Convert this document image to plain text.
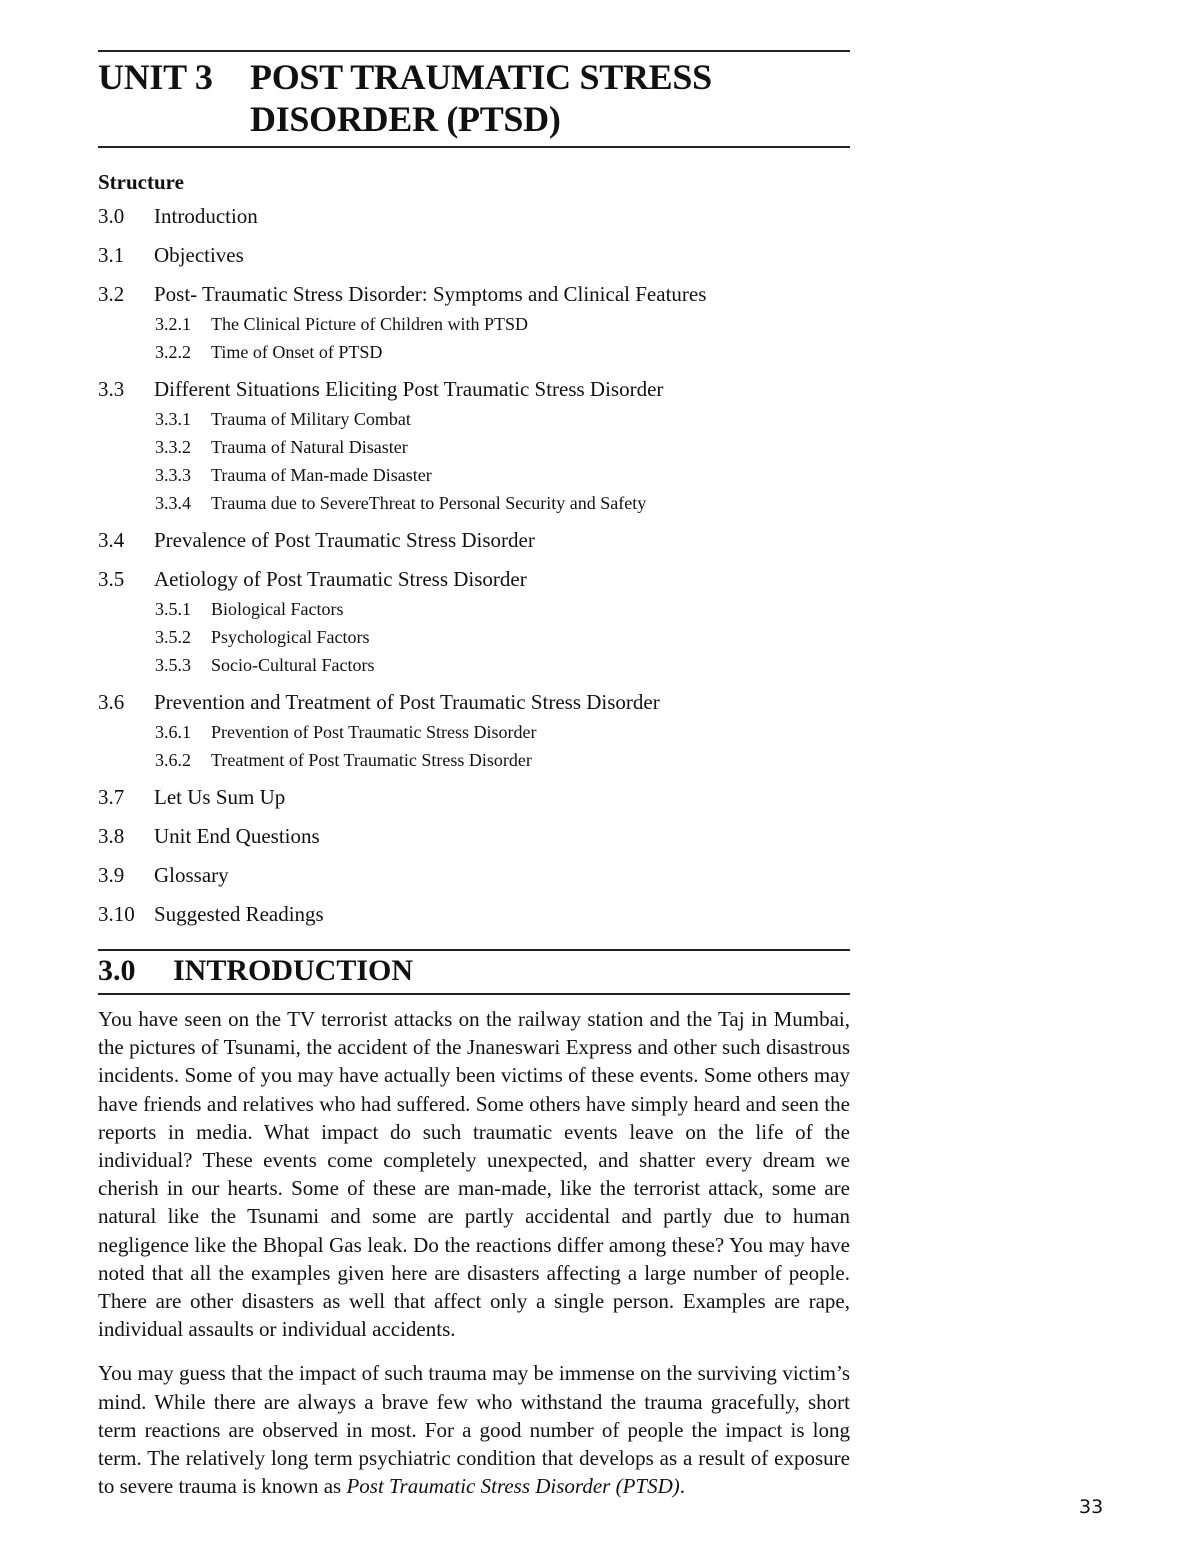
UNIT 3	POST TRAUMATIC STRESS
DISORDER (PTSD)
Structure
3.0	Introduction
3.1	Objectives
3.2	Post- Traumatic Stress Disorder: Symptoms and Clinical Features
3.2.1	The Clinical Picture of Children with PTSD
3.2.2	Time of Onset of PTSD
3.3	Different Situations Eliciting Post Traumatic Stress Disorder
3.3.1	Trauma of Military Combat
3.3.2	Trauma of Natural Disaster
3.3.3	Trauma of Man-made Disaster
3.3.4	Trauma due to SevereThreat to Personal Security and Safety
3.4	Prevalence of Post Traumatic Stress Disorder
3.5	Aetiology of Post Traumatic Stress Disorder
3.5.1	Biological Factors
3.5.2	Psychological Factors
3.5.3	Socio-Cultural Factors
3.6	Prevention and Treatment of Post Traumatic Stress Disorder
3.6.1	Prevention of Post Traumatic Stress Disorder
3.6.2	Treatment of Post Traumatic Stress Disorder
3.7	Let Us Sum Up
3.8	Unit End Questions
3.9	Glossary
3.10 Suggested Readings
3.0	INTRODUCTION

You have seen on the TV terrorist attacks on the railway station and the Taj in Mumbai, the pictures of Tsunami, the accident of the Jnaneswari Express and other such disastrous incidents. Some of you may have actually been victims of these events. Some others may have friends and relatives who had suffered. Some others have simply heard and seen the reports in media. What impact do such traumatic events leave on the life of the individual? These events come completely unexpected, and shatter every dream we cherish in our hearts. Some of these are man-made, like the terrorist attack, some are natural like the Tsunami and some are partly accidental and partly due to human negligence like the Bhopal Gas leak. Do the reactions differ among these? You may have noted that all the examples given here are disasters affecting a large number of people. There are other disasters as well that affect only a single person. Examples are rape, individual assaults or individual accidents.

You may guess that the impact of such trauma may be immense on the surviving victim’s mind. While there are always a brave few who withstand the trauma gracefully, short term reactions are observed in most. For a good number of people the impact is long term. The relatively long term psychiatric condition that develops as a result of exposure to severe trauma is known as Post Traumatic Stress Disorder (PTSD).

33
